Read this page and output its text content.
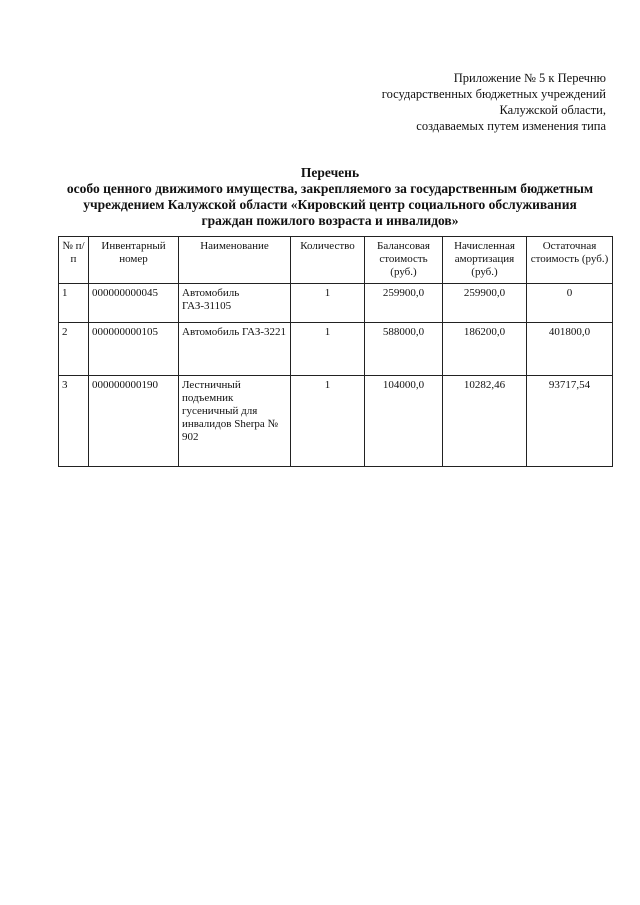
Приложение № 5 к Перечню
государственных бюджетных учреждений
Калужской области,
создаваемых путем изменения типа
Перечень
особо ценного движимого имущества, закрепляемого за государственным бюджетным
учреждением Калужской области «Кировский центр социального обслуживания
граждан пожилого возраста и инвалидов»
№ п/п	Инвентарный номер	Наименование	Количество	Балансовая стоимость (руб.)	Начисленная амортизация (руб.)	Остаточная стоимость (руб.)
1	000000000045	Автомобиль ГАЗ-31105	1	259900,0	259900,0	0
2	000000000105	Автомобиль ГАЗ-3221	1	588000,0	186200,0	401800,0
3	000000000190	Лестничный подъемник гусеничный для инвалидов Sherpa № 902	1	104000,0	10282,46	93717,54
